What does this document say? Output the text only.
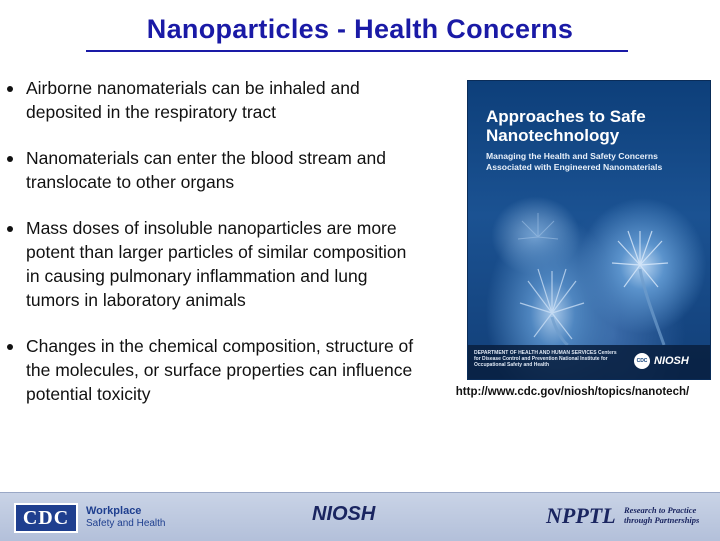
Nanoparticles - Health Concerns
Airborne nanomaterials can be inhaled and deposited in the respiratory tract
Nanomaterials can enter the blood stream and translocate to other organs
Mass doses of insoluble nanoparticles are more potent than larger particles of similar composition in causing pulmonary inflammation and lung tumors in laboratory animals
Changes in the chemical composition, structure of the molecules, or surface properties can influence potential toxicity
Approaches to Safe Nanotechnology
Managing the Health and Safety Concerns Associated with Engineered Nanomaterials
DEPARTMENT OF HEALTH AND HUMAN SERVICES Centers for Disease Control and Prevention National Institute for Occupational Safety and Health
CDC NIOSH
http://www.cdc.gov/niosh/topics/nanotech/
CDC	Workplace
Safety and Health	NIOSH	NPPTL Research to Practice through Partnerships
